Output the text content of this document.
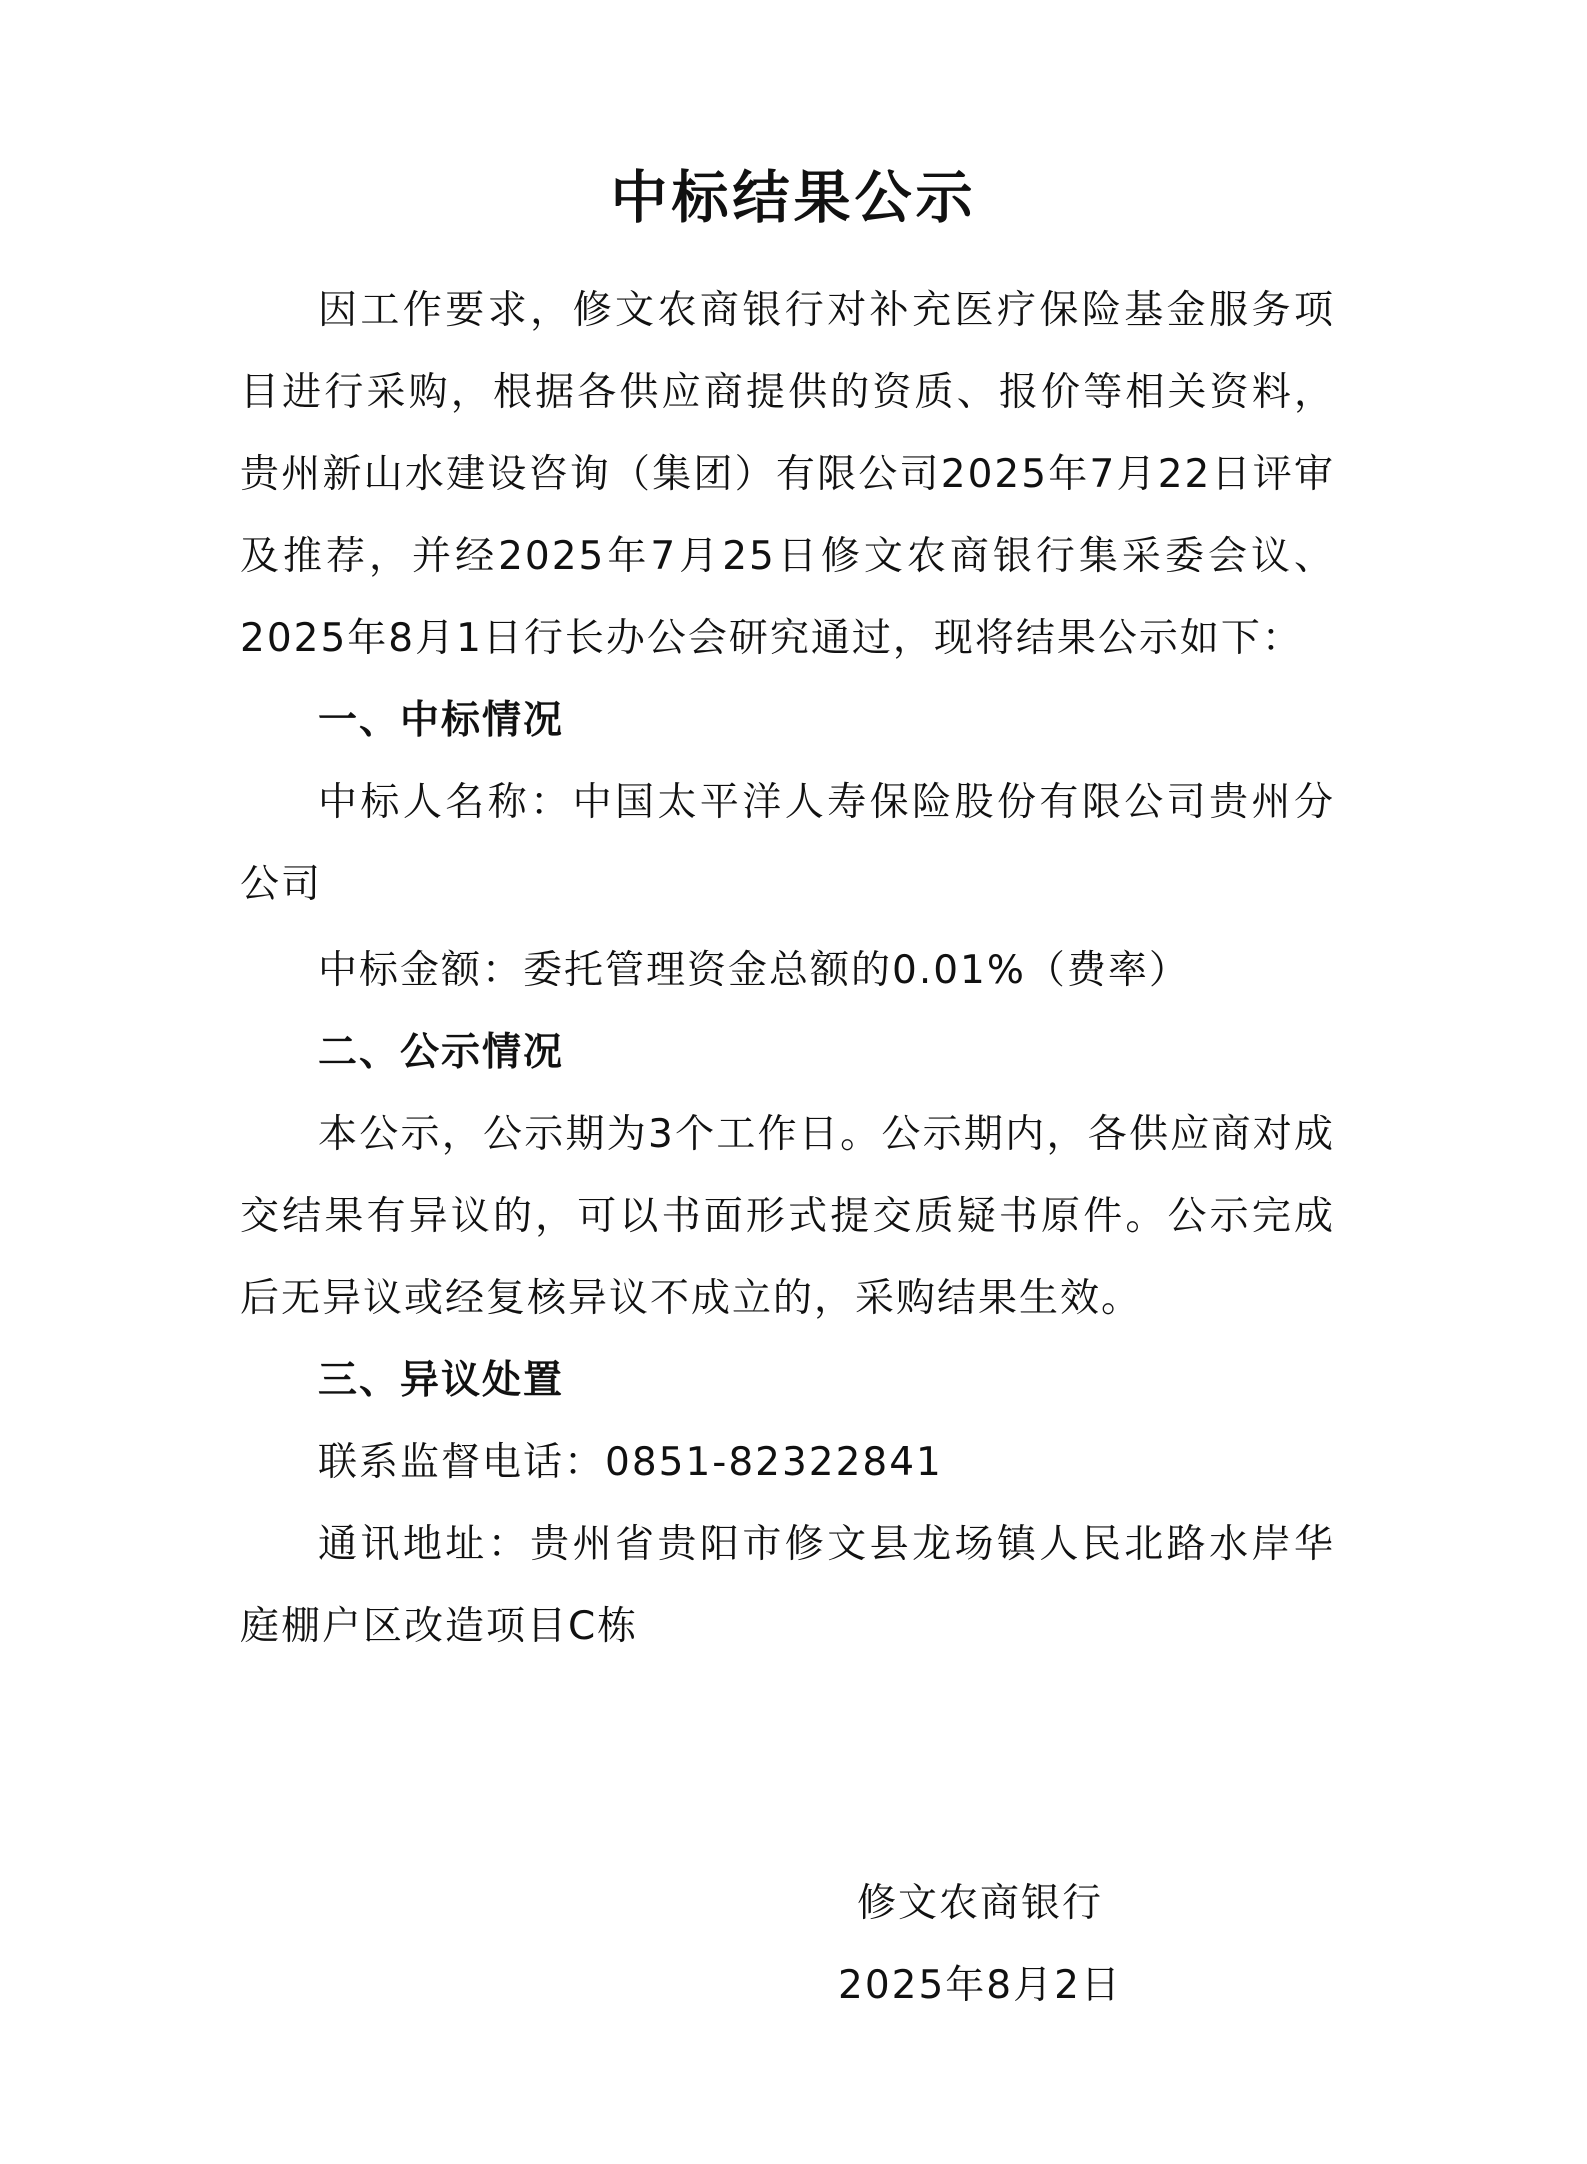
中标结果公示

因工作要求，修文农商银行对补充医疗保险基金服务项目进行采购，根据各供应商提供的资质、报价等相关资料，贵州新山水建设咨询（集团）有限公司2025年7月22日评审及推荐，并经2025年7月25日修文农商银行集采委会议、2025年8月1日行长办公会研究通过，现将结果公示如下：

一、中标情况

中标人名称：中国太平洋人寿保险股份有限公司贵州分公司

中标金额：委托管理资金总额的0.01%（费率）

二、公示情况

本公示，公示期为3个工作日。公示期内，各供应商对成交结果有异议的，可以书面形式提交质疑书原件。公示完成后无异议或经复核异议不成立的，采购结果生效。

三、异议处置

联系监督电话：0851-82322841

通讯地址：贵州省贵阳市修文县龙场镇人民北路水岸华庭棚户区改造项目C栋

修文农商银行
2025年8月2日
